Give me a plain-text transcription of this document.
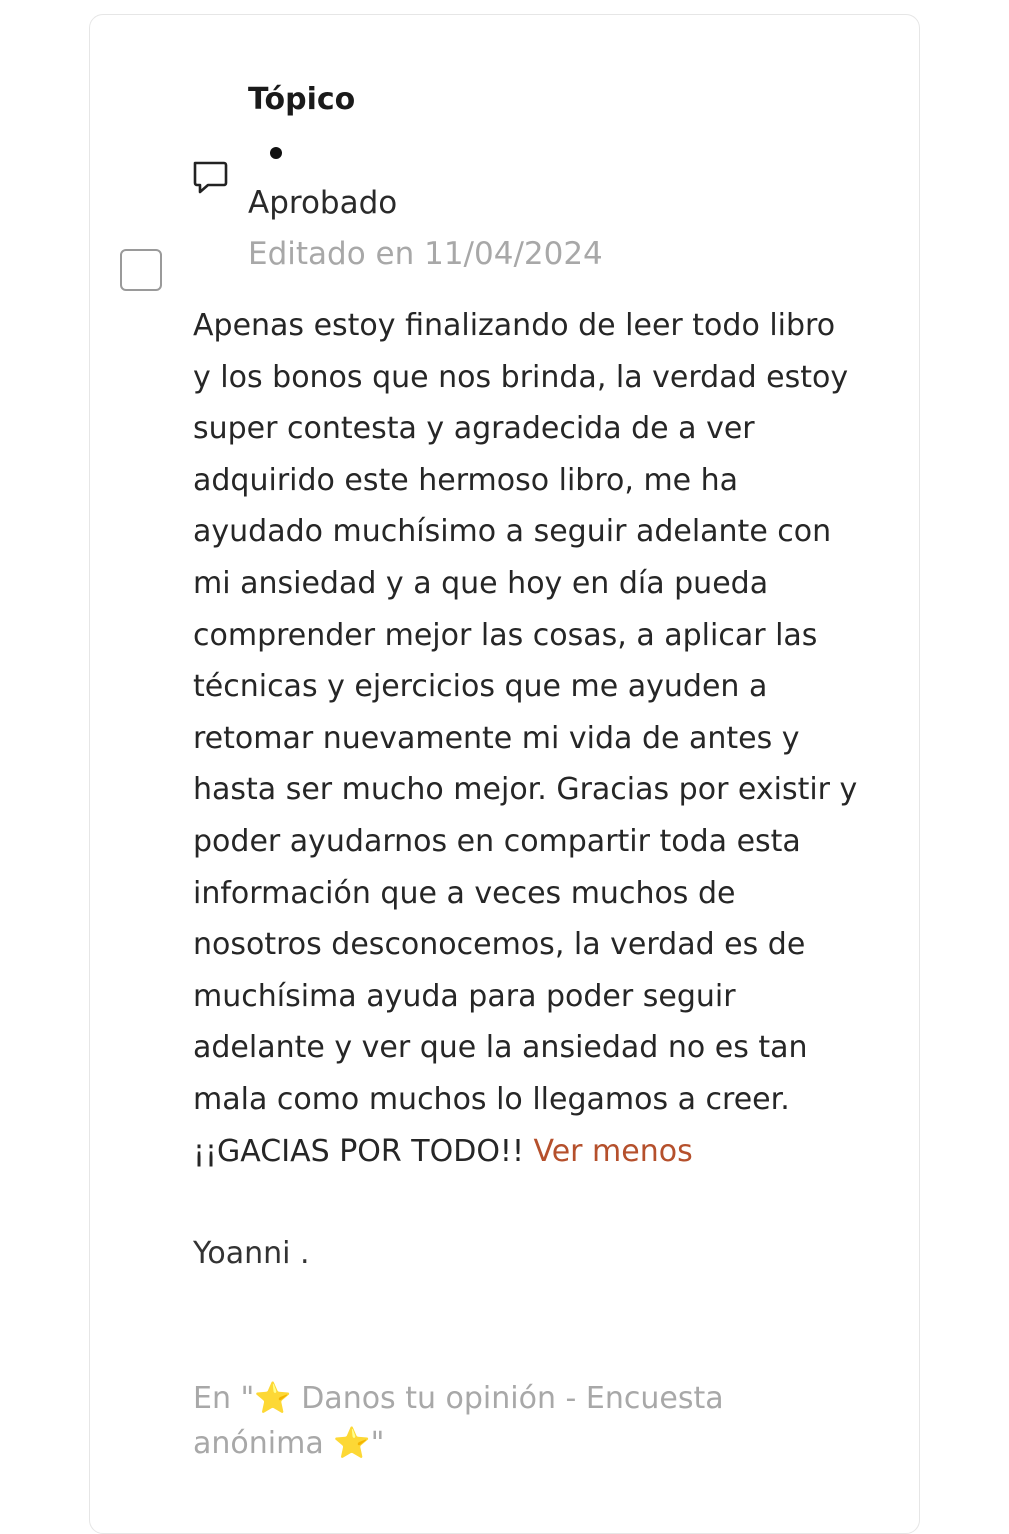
Tópico
Aprobado
Editado en 11/04/2024
Apenas estoy finalizando de leer todo libro
y los bonos que nos brinda, la verdad estoy
super contesta y agradecida de a ver
adquirido este hermoso libro, me ha
ayudado muchísimo a seguir adelante con
mi ansiedad y a que hoy en día pueda
comprender mejor las cosas, a aplicar las
técnicas y ejercicios que me ayuden a
retomar nuevamente mi vida de antes y
hasta ser mucho mejor. Gracias por existir y
poder ayudarnos en compartir toda esta
información que a veces muchos de
nosotros desconocemos, la verdad es de
muchísima ayuda para poder seguir
adelante y ver que la ansiedad no es tan
mala como muchos lo llegamos a creer.
¡¡GACIAS POR TODO!! Ver menos
Yoanni .
En "⭐ Danos tu opinión - Encuesta anónima ⭐"
